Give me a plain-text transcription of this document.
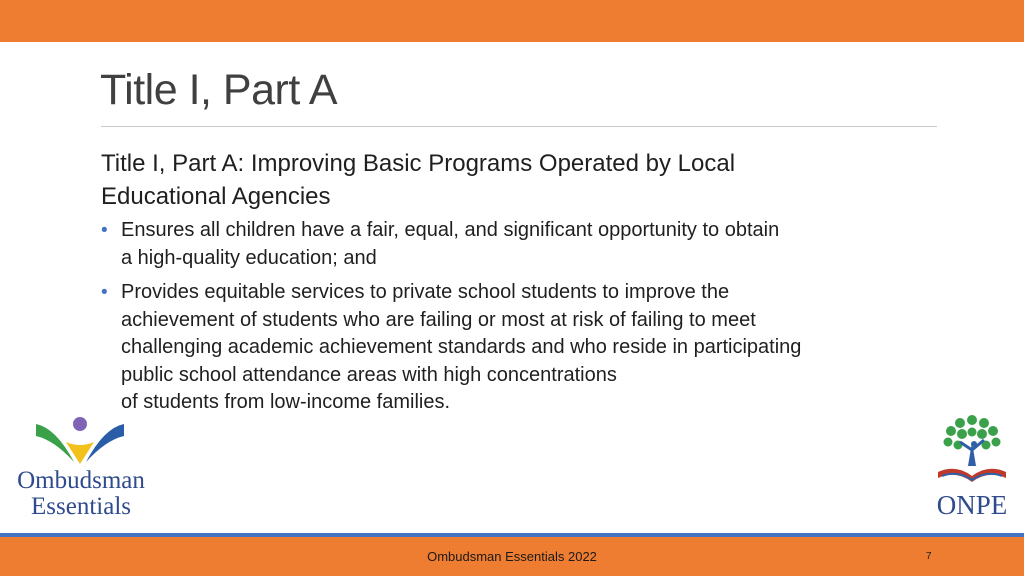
Title I, Part A

Title I, Part A: Improving Basic Programs Operated by Local
Educational Agencies

• Ensures all children have a fair, equal, and significant opportunity to obtain
a high-quality education; and
• Provides equitable services to private school students to improve the
achievement of students who are failing or most at risk of failing to meet
challenging academic achievement standards and who reside in participating
public school attendance areas with high concentrations
of students from low-income families.
Ombudsman
Essentials	ONPE
Ombudsman Essentials 2022	7
